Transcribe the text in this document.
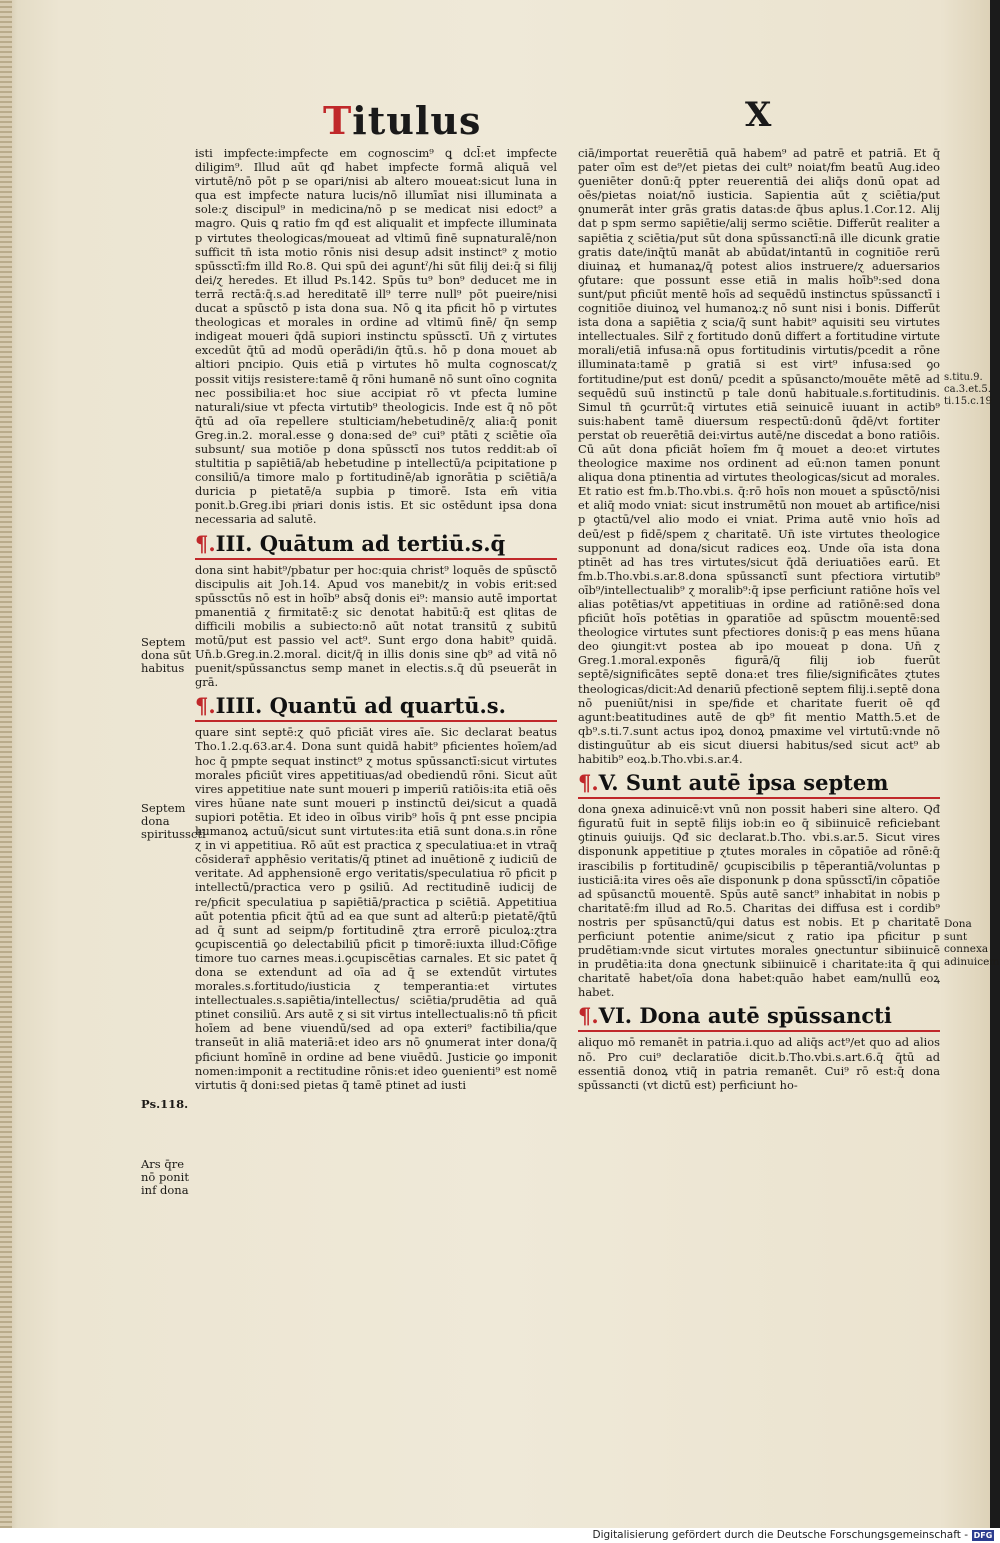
Titulus	X

isti impfecte:impfecte em cognoscim⁹ ꝗ dcl̄:et impfecte diligim⁹. Illud aūt qđ habet impfecte formā aliquā vel virtutē/nō pōt p se opari/nisi ab altero moueat:sicut luna in qua est impfecte natura lucis/nō illumīat nisi illuminata a sole:ɀ discipul⁹ in medicina/nō p se medicat nisi edoct⁹ a magro. Quis ꝗ ratio fm qđ est aliqualit et impfecte illuminata p virtutes theologicas/moueat ad vltimū finē supnaturalē/non sufficit tn̄ ista motio rōnis nisi desup adsit instinct⁹ ɀ motio spūssctī:fm illd Ro.8. Qui spū dei aguntˀ/hi sūt filij dei:q̄ si filij dei/ɀ heredes. Et illud Ps.142. Spūs tu⁹ bon⁹ deducet me in terrā rectā:q̄.s.ad hereditatē ill⁹ terre null⁹ pōt pueire/nisi ducat a spūsctō p ista dona sua. Nō ꝗ ita pficit hō p virtutes theologicas et morales in ordine ad vltimū finē/ q̄n semp indigeat moueri q̄dā supiori instinctu spūssctī. Un̄ ɀ virtutes excedūt q̄tū ad modū operādi/in q̄tū.s. hō p dona mouet ab altiori pncipio. Quis etiā p virtutes hō multa cognoscat/ɀ possit vitijs resistere:tamē q̄ rōni humanē nō sunt oīno cognita nec possibilia:et hoc siue accipiat rō vt pfecta lumine naturali/siue vt pfecta virtutib⁹ theologicis. Inde est q̄ nō pōt q̄tū ad oīa repellere stulticiam/hebetudinē/ɀ alia:q̄ ponit Greg.in.2. moral.esse ꝯ dona:sed de⁹ cui⁹ ptāti ɀ sciētie oīa subsunt/ sua motiōe p dona spūssctī nos tutos reddit:ab oī stultitia p sapiētiā/ab hebetudine p intellectū/a pcipitatione p consiliū/a timore malo p fortitudinē/ab ignorātia p sciētiā/a duricia p pietatē/a supbia p timorē. Ista em̄ vitia ponit.b.Greg.ibi pͥriari donis istis. Et sic ostēdunt ipsa dona necessaria ad salutē.

¶.III. Quātum ad tertiū.s.q̄

dona sint habit⁹/pbatur per hoc:quia christ⁹ loquēs de spūsctō discipulis ait Joh.14. Apud vos manebit/ɀ in vobis erit:sed spūssctūs nō est in hoīb⁹ absq̄ donis ei⁹: mansio autē importat pmanentiā ɀ firmitatē:ɀ sic denotat habitū:q̄ est qlitas de difficili mobilis a subiecto:nō aūt notat transitū ɀ subitū motū/put est passio vel act⁹. Sunt ergo dona habit⁹ quidā. Un̄.b.Greg.in.2.moral. dicit/q̄ in illis donis sine qb⁹ ad vitā nō puenit/spūssanctus semp manet in electis.s.q̄ dū pseuerāt in grā.

¶.IIII. Quantū ad quartū.s.

quare sint septē:ɀ quō pficiāt vires aīe. Sic declarat beatus Tho.1.2.q.63.ar.4. Dona sunt quidā habit⁹ pficientes hoīem/ad hoc q̄ pmpte sequat instinct⁹ ɀ motus spūssanctī:sicut virtutes morales pficiūt vires appetitiuas/ad obediendū rōni. Sicut aūt vires appetitiue nate sunt moueri p imperiū ratiōis:ita etiā oēs vires hūane nate sunt moueri p instinctū dei/sicut a quadā supiori potētia. Et ideo in oībus virib⁹ hoīs q̄ pnt esse pncipia humanoꝝ actuū/sicut sunt virtutes:ita etiā sunt dona.s.in rōne ɀ in vi appetitiua. Rō aūt est practica ɀ speculatiua:et in vtraq̄ cōsideraт̄ apphēsio veritatis/q̄ ptinet ad inuētionē ɀ iudiciū de veritate. Ad apphensionē ergo veritatis/speculatiua rō pficit p intellectū/practica vero p ꝯsiliū. Ad rectitudinē iudicij de re/pficit speculatiua p sapiētiā/practica p sciētiā. Appetitiua aūt potentia pficit q̄tū ad ea que sunt ad alterū:p pietatē/q̄tū ad q̄ sunt ad seipm/p fortitudinē ɀtra errorē piculoꝝ:ɀtra ꝯcupiscentiā ꝯo delectabiliū pficit p timorē:iuxta illud:Cōfige timore tuo carnes meas.i.ꝯcupiscētias carnales. Et sic patet q̄ dona se extendunt ad oīa ad q̄ se extendūt virtutes morales.s.fortitudo/iusticia ɀ temperantia:et virtutes intellectuales.s.sapiētia/intellectus/ sciētia/prudētia ad quā ptinet consiliū. Ars autē ɀ si sit virtus intellectualis:nō tn̄ pficit hoīem ad bene viuendū/sed ad opa exteri⁹ factibilia/que transeūt in aliā materiā:et ideo ars nō ꝯnumerat inter dona/q̄ pficiunt homīnē in ordine ad bene viuēdū. Justicie ꝯo imponit nomen:imponit a rectitudine rōnis:et ideo ꝯuenienti⁹ est nomē virtutis q̄ doni:sed pietas q̄ tamē ptinet ad iusti

ciā/importat reuerētiā quā habem⁹ ad patrē et patriā. Et q̄ pater oīm est de⁹/et pietas dei cult⁹ noiat/fm beatū Aug.ideo ꝯueniēter donū:q̄ ppter reuerentiā dei aliq̄s donū opat ad oēs/pietas noiat/nō iusticia. Sapientia aūt ɀ sciētia/put ꝯnumerāt inter grās gratis datas:de q̄bus aplus.1.Cor.12. Alij dat p spm sermo sapiētie/alij sermo sciētie. Differūt realiter a sapiētia ɀ sciētia/put sūt dona spūssanctī:nā ille dicunk gratie gratis date/inq̄tū manāt ab abūdat/intantū in cognitiōe rerū diuinaꝝ et humanaꝝ/q̄ potest alios instruere/ɀ aduersarios ꝯfutare: que possunt esse etiā in malis hoīb⁹:sed dona sunt/put pficiūt mentē hoīs ad sequēdū instinctus spūssanctī i cognitiōe diuinoꝝ vel humanoꝝ:ɀ nō sunt nisi i bonis. Differūt ista dona a sapiētia ɀ scia/q̄ sunt habit⁹ aquisiti seu virtutes intellectuales. Silr̄ ɀ fortitudo donū differt a fortitudine virtute morali/etiā infusa:nā opus fortitudinis virtutis/pcedit a rōne illuminata:tamē p gratiā si est virt⁹ infusa:sed ꝯo fortitudine/put est donū/ pcedit a spūsancto/mouēte mētē ad sequēdū suū instinctū p tale donū habituale.s.fortitudinis. Simul tn̄ ꝯcurrūt:q̄ virtutes etiā seinuicē iuuant in actib⁹ suis:habent tamē diuersum respectū:donū q̄dē/vt fortiter perstat ob reuerētiā dei:virtus autē/ne discedat a bono ratiōis. Cū aūt dona pficiāt hoīem fm q̄ mouet a deo:et virtutes theologice maxime nos ordinent ad eū:non tamen ponunt aliqua dona ptinentia ad virtutes theologicas/sicut ad morales. Et ratio est fm.b.Tho.vbi.s. q̄:rō hoīs non mouet a spūsctō/nisi et aliq̄ modo vniat: sicut instrumētū non mouet ab artifice/nisi p ꝯtactū/vel alio modo ei vniat. Prima autē vnio hoīs ad deū/est p fidē/spem ɀ charitatē. Un̄ iste virtutes theologice supponunt ad dona/sicut radices eoꝝ. Unde oīa ista dona ptinēt ad has tres virtutes/sicut q̄dā deriuatiōes earū. Et fm.b.Tho.vbi.s.ar.8.dona spūssanctī sunt pfectiora virtutib⁹ oīb⁹/intellectualib⁹ ɀ moralib⁹:q̄ ipse perficiunt ratiōne hoīs vel alias potētias/vt appetitiuas in ordine ad ratiōnē:sed dona pficiūt hoīs potētias in ꝯparatiōe ad spūsctm mouentē:sed theologice virtutes sunt pfectiores donis:q̄ p eas mens hūana deo ꝯiungit:vt postea ab ipo moueat p dona. Un̄ ɀ Greg.1.moral.exponēs figurā/q̄ filij iob fuerūt septē/significātes septē dona:et tres filie/significātes ɀtutes theologicas/dicit:Ad denariū pfectionē septem filij.i.septē dona nō pueniūt/nisi in spe/fide et charitate fuerit oē qđ agunt:beatitudines autē de qb⁹ fit mentio Matth.5.et de qb⁹.s.ti.7.sunt actus ipoꝝ donoꝝ pmaxime vel virtutū:vnde nō distinguūtur ab eis sicut diuersi habitus/sed sicut act⁹ ab habitib⁹ eoꝝ.b.Tho.vbi.s.ar.4.

¶.V. Sunt autē ipsa septem

dona ꝯnexa adinuicē:vt vnū non possit haberi sine altero. Qđ figuratū fuit in septē filijs iob:in eo q̄ sibiinuicē reficiebant ꝯtinuis ꝯuiuijs. Qđ sic declarat.b.Tho. vbi.s.ar.5. Sicut vires disponunk appetitiue p ɀtutes morales in cōpatiōe ad rōnē:q̄ irascibilis p fortitudinē/ ꝯcupiscibilis p tēperantiā/voluntas p iusticiā:ita vires oēs aīe disponunk p dona spūssctī/in cōpatiōe ad spūsanctū mouentē. Spūs autē sanct⁹ inhabitat in nobis p charitatē:fm illud ad Ro.5. Charitas dei diffusa est i cordib⁹ nostris per spūsanctū/qui datus est nobis. Et p charitatē perficiunt potentie anime/sicut ɀ ratio ipa pficitur p prudētiam:vnde sicut virtutes morales ꝯnectuntur sibiinuicē in prudētia:ita dona ꝯnectunk sibiinuicē i charitate:ita q̄ qui charitatē habet/oīa dona habet:quāo habet eam/nullū eoꝝ habet.

¶.VI. Dona autē spūssancti

aliquo mō remanēt in patria.i.quo ad aliq̄s act⁹/et quo ad alios nō. Pro cui⁹ declaratiōe dicit.b.Tho.vbi.s.art.6.q̄ q̄tū ad essentiā donoꝝ vtiq̄ in patria remanēt. Cui⁹ rō est:q̄ dona spūssancti (vt dictū est) perficiunt ho-

Septem dona sūt habitus
Septem dona spiritussctī
Ps.118.
Ars q̄re nō ponit inf dona
s.titu.9. ca.3.et.5. ti.15.c.19
Dona sunt connexa adinuicem
Digitalisierung gefördert durch die Deutsche Forschungsgemeinschaft - DFG
